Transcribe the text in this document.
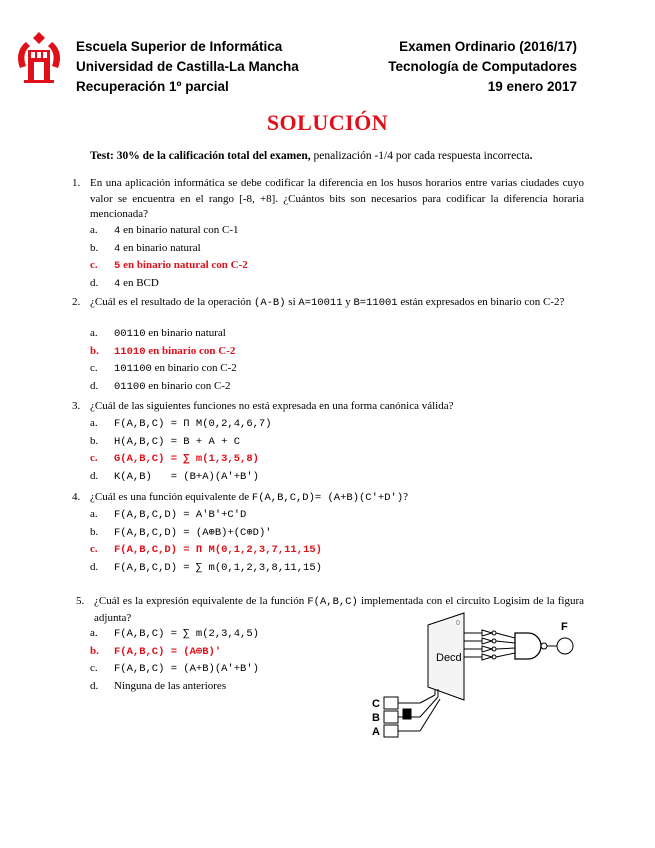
Escuela Superior de Informática
Universidad de Castilla-La Mancha
Recuperación 1º parcial
Examen Ordinario (2016/17)
Tecnología de Computadores
19 enero 2017
SOLUCIÓN
Test: 30% de la calificación total del examen, penalización -1/4 por cada respuesta incorrecta.
1. En una aplicación informática se debe codificar la diferencia en los husos horarios entre varias ciudades cuyo valor se encuentra en el rango [-8, +8]. ¿Cuántos bits son necesarios para codificar la diferencia horaria mencionada?
a. 4 en binario natural con C-1
b. 4 en binario natural
c. 5 en binario natural con C-2
d. 4 en BCD
2. ¿Cuál es el resultado de la operación (A-B) si A=10011 y B=11001 están expresados en binario con C-2?
a. 00110 en binario natural
b. 11010 en binario con C-2
c. 101100 en binario con C-2
d. 01100 en binario con C-2
3. ¿Cuál de las siguientes funciones no está expresada en una forma canónica válida?
a. F(A,B,C) = Π M(0,2,4,6,7)
b. H(A,B,C) = B + A + C
c. G(A,B,C) = ∑ m(1,3,5,8)
d. K(A,B)   = (B+A)(A'+B')
4. ¿Cuál es una función equivalente de F(A,B,C,D)= (A+B)(C'+D')?
a. F(A,B,C,D) = A'B'+C'D
b. F(A,B,C,D) = (A⊕B)+(C⊕D)'
c. F(A,B,C,D) = Π M(0,1,2,3,7,11,15)
d. F(A,B,C,D) = ∑ m(0,1,2,3,8,11,15)
5. ¿Cuál es la expresión equivalente de la función F(A,B,C) implementada con el circuito Logisim de la figura adjunta?
a. F(A,B,C) = ∑ m(2,3,4,5)
b. F(A,B,C) = (A⊕B)'
c. F(A,B,C) = (A+B)(A'+B')
d. Ninguna de las anteriores
Decd
F
C
B
A
0
